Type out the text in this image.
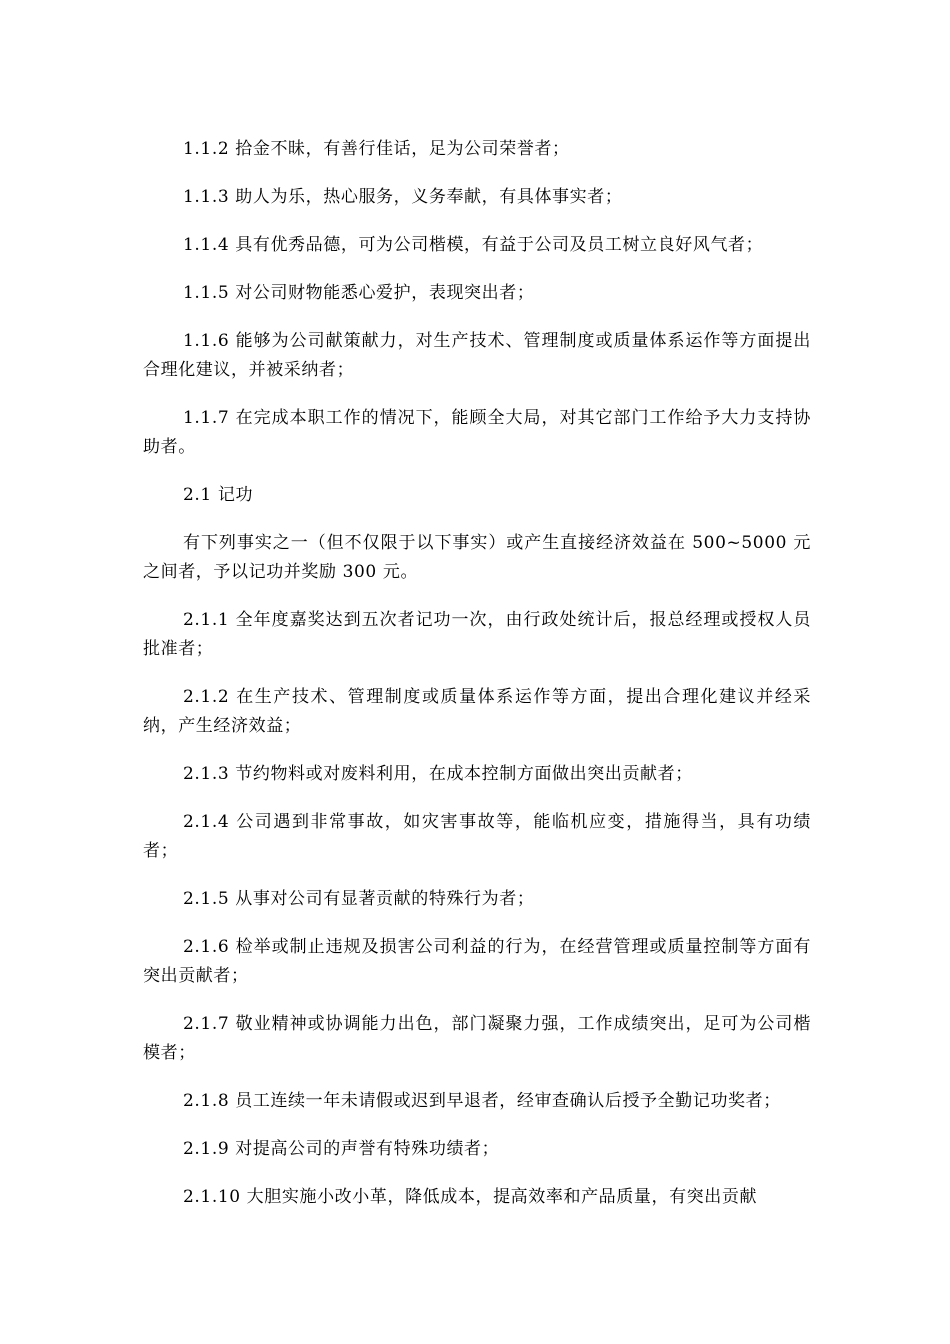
1.1.2 拾金不昧，有善行佳话，足为公司荣誉者；

1.1.3 助人为乐，热心服务，义务奉献，有具体事实者；

1.1.4 具有优秀品德，可为公司楷模，有益于公司及员工树立良好风气者；

1.1.5 对公司财物能悉心爱护，表现突出者；

1.1.6 能够为公司献策献力，对生产技术、管理制度或质量体系运作等方面提出合理化建议，并被采纳者；

1.1.7 在完成本职工作的情况下，能顾全大局，对其它部门工作给予大力支持协助者。

2.1 记功

有下列事实之一（但不仅限于以下事实）或产生直接经济效益在 500~5000 元之间者，予以记功并奖励 300 元。

2.1.1 全年度嘉奖达到五次者记功一次，由行政处统计后，报总经理或授权人员批准者；

2.1.2 在生产技术、管理制度或质量体系运作等方面，提出合理化建议并经采纳，产生经济效益；

2.1.3 节约物料或对废料利用，在成本控制方面做出突出贡献者；

2.1.4 公司遇到非常事故，如灾害事故等，能临机应变，措施得当，具有功绩者；

2.1.5 从事对公司有显著贡献的特殊行为者；

2.1.6 检举或制止违规及损害公司利益的行为，在经营管理或质量控制等方面有突出贡献者；

2.1.7 敬业精神或协调能力出色，部门凝聚力强，工作成绩突出，足可为公司楷模者；

2.1.8 员工连续一年未请假或迟到早退者，经审查确认后授予全勤记功奖者；

2.1.9 对提高公司的声誉有特殊功绩者；

2.1.10 大胆实施小改小革，降低成本，提高效率和产品质量，有突出贡献
